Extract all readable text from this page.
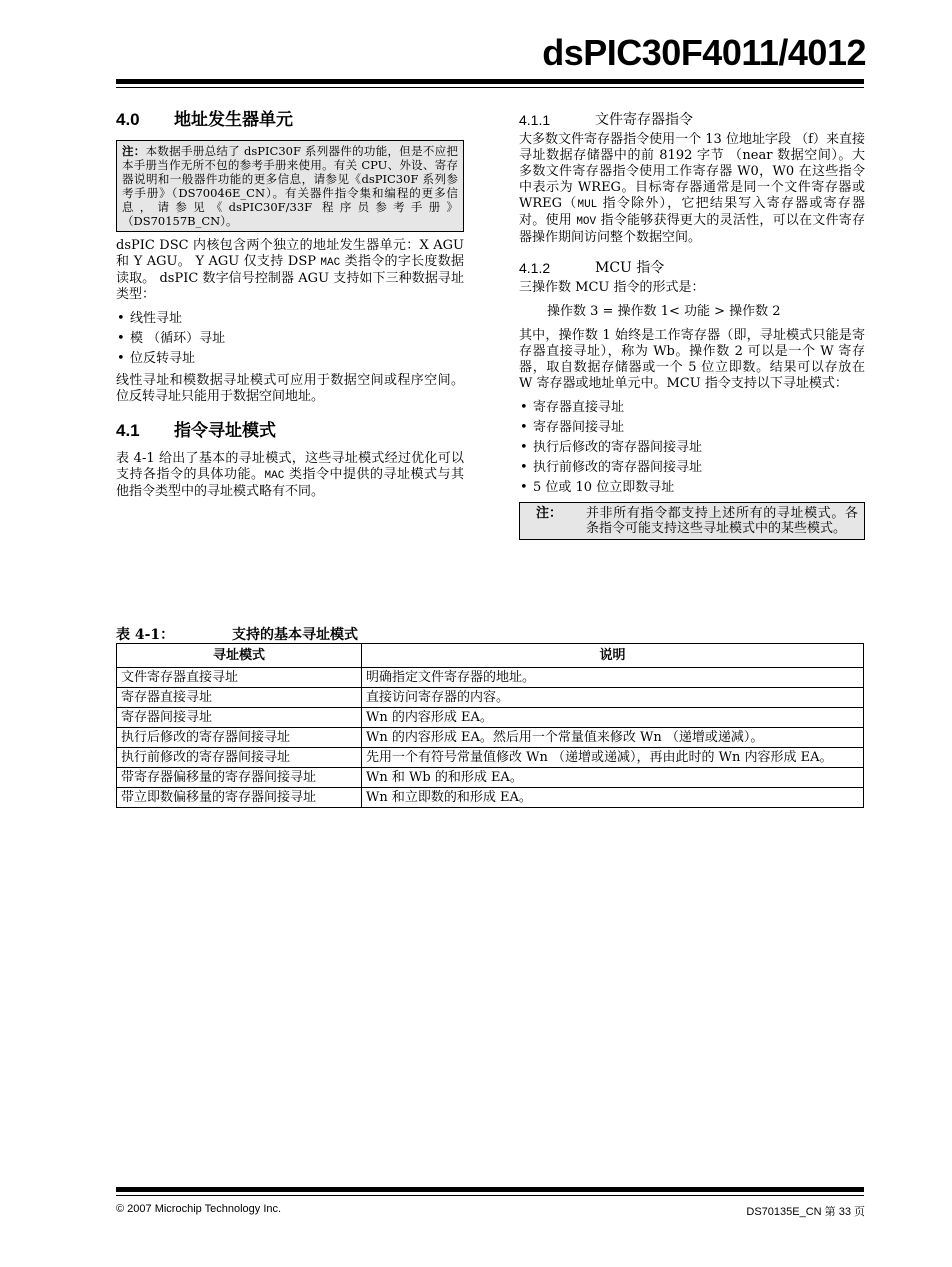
dsPIC30F4011/4012
4.0	地址发生器单元
注：本数据手册总结了 dsPIC30F 系列器件的功能，但是不应把本手册当作无所不包的参考手册来使用。有关 CPU、外设、寄存器说明和一般器件功能的更多信息，请参见《dsPIC30F 系列参考手册》（DS70046E_CN）。有关器件指令集和编程的更多信息，请参见《dsPIC30F/33F 程序员参考手册》（DS70157B_CN）。

dsPIC DSC 内核包含两个独立的地址发生器单元：X AGU 和 Y AGU。 Y AGU 仅支持 DSP MAC 类指令的字长度数据读取。 dsPIC 数字信号控制器 AGU 支持如下三种数据寻址类型：

• 线性寻址
• 模 （循环）寻址
• 位反转寻址

线性寻址和模数据寻址模式可应用于数据空间或程序空间。位反转寻址只能用于数据空间地址。

4.1	指令寻址模式

表 4-1 给出了基本的寻址模式，这些寻址模式经过优化可以支持各指令的具体功能。MAC 类指令中提供的寻址模式与其他指令类型中的寻址模式略有不同。

4.1.1	文件寄存器指令

大多数文件寄存器指令使用一个 13 位地址字段 （f）来直接寻址数据存储器中的前 8192 字节 （near 数据空间）。大多数文件寄存器指令使用工作寄存器 W0，W0 在这些指令中表示为 WREG。目标寄存器通常是同一个文件寄存器或 WREG（MUL 指令除外），它把结果写入寄存器或寄存器对。使用 MOV 指令能够获得更大的灵活性，可以在文件寄存器操作期间访问整个数据空间。

4.1.2	MCU 指令

三操作数 MCU 指令的形式是：

操作数 3 = 操作数 1< 功能 > 操作数 2

其中，操作数 1 始终是工作寄存器（即，寻址模式只能是寄存器直接寻址），称为 Wb。操作数 2 可以是一个 W 寄存器，取自数据存储器或一个 5 位立即数。结果可以存放在 W 寄存器或地址单元中。MCU 指令支持以下寻址模式：

• 寄存器直接寻址
• 寄存器间接寻址
• 执行后修改的寄存器间接寻址
• 执行前修改的寄存器间接寻址
• 5 位或 10 位立即数寻址
注：	并非所有指令都支持上述所有的寻址模式。各条指令可能支持这些寻址模式中的某些模式。
表 4-1：	支持的基本寻址模式
寻址模式	说明
文件寄存器直接寻址	明确指定文件寄存器的地址。
寄存器直接寻址	直接访问寄存器的内容。
寄存器间接寻址	Wn 的内容形成 EA。
执行后修改的寄存器间接寻址	Wn 的内容形成 EA。然后用一个常量值来修改 Wn （递增或递减）。
执行前修改的寄存器间接寻址	先用一个有符号常量值修改 Wn （递增或递减），再由此时的 Wn 内容形成 EA。
带寄存器偏移量的寄存器间接寻址	Wn 和 Wb 的和形成 EA。
带立即数偏移量的寄存器间接寻址	Wn 和立即数的和形成 EA。
© 2007 Microchip Technology Inc.	DS70135E_CN 第 33 页
